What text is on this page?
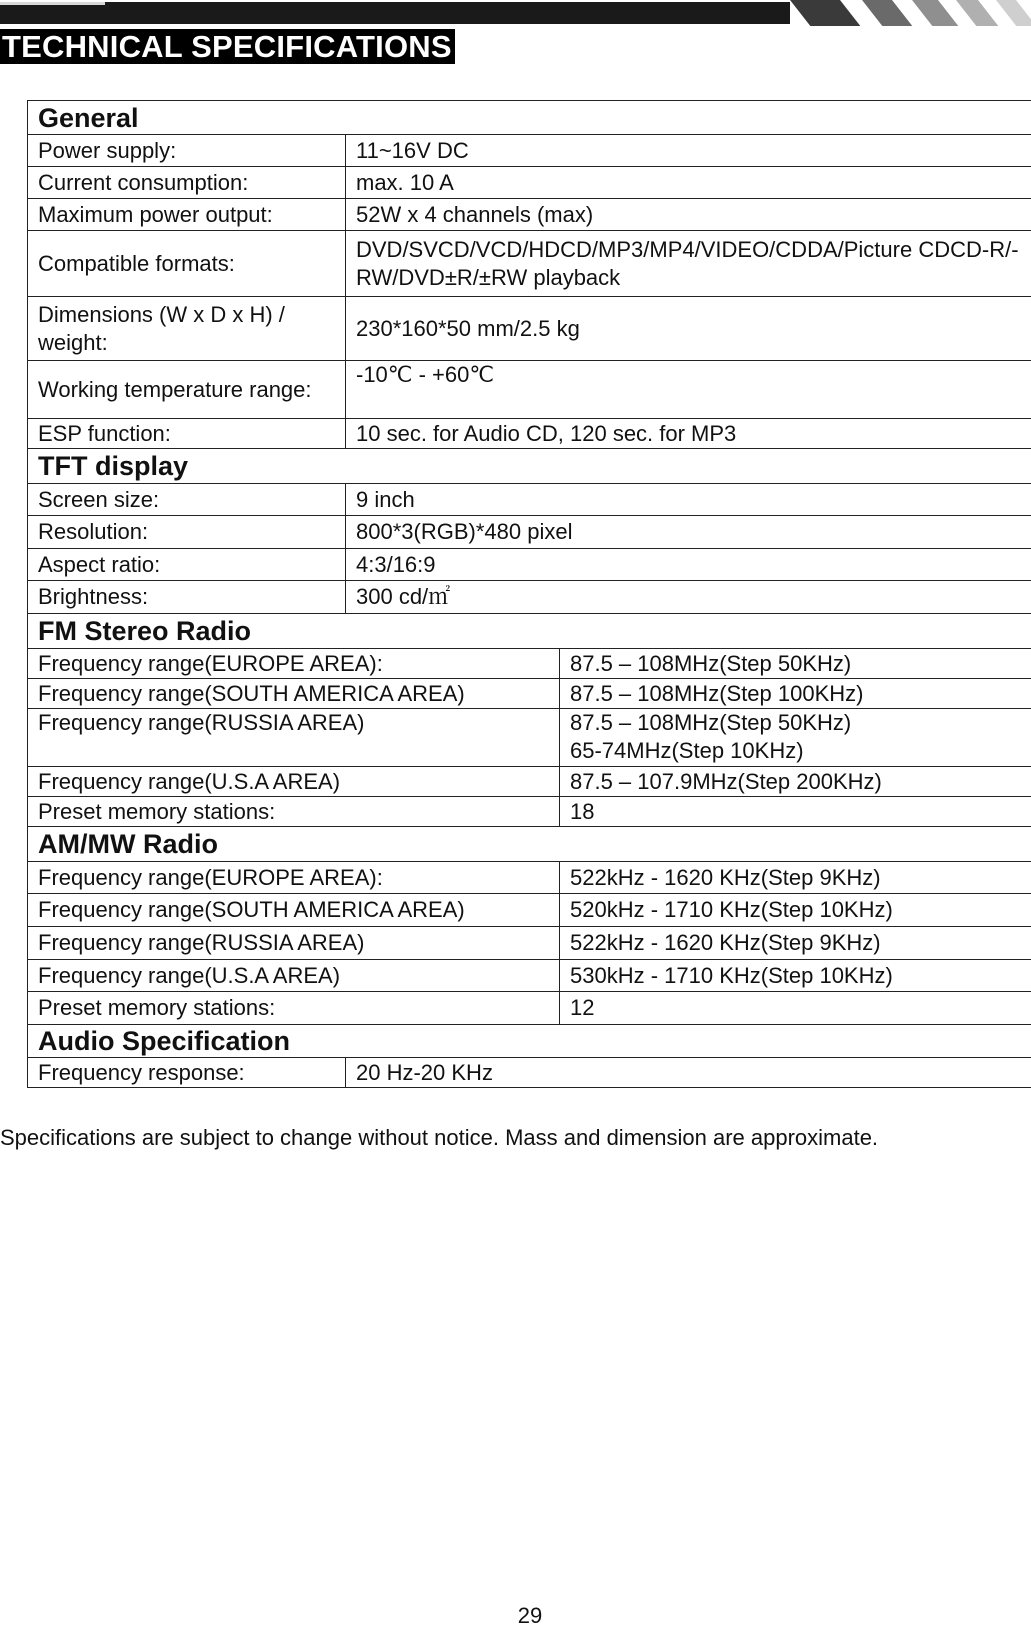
TECHNICAL SPECIFICATIONS
General		
Power supply:	11~16V DC	
Current consumption:	max. 10 A	
Maximum power output:	52W x 4 channels (max)	
Compatible formats:	DVD/SVCD/VCD/HDCD/MP3/MP4/VIDEO/CDDA/Picture CDCD-R/-RW/DVD±R/±RW playback	
Dimensions (W x D x H) / weight:	230*160*50 mm/2.5 kg	
Working temperature range:	-10℃ - +60℃	
ESP function:	10 sec. for Audio CD, 120 sec. for MP3	
TFT display		
Screen size:	9 inch	
Resolution:	800*3(RGB)*480 pixel	
Aspect ratio:	4:3/16:9	
Brightness:	300 cd/㎡	
FM Stereo Radio		
Frequency range(EUROPE AREA):		87.5 – 108MHz(Step 50KHz)
Frequency range(SOUTH AMERICA AREA)		87.5 – 108MHz(Step 100KHz)
Frequency range(RUSSIA AREA)		87.5 – 108MHz(Step 50KHz)
65-74MHz(Step 10KHz)

Frequency range(U.S.A AREA)		87.5 – 107.9MHz(Step 200KHz)
Preset memory stations:		18
AM/MW Radio		
Frequency range(EUROPE AREA):		522kHz - 1620 KHz(Step 9KHz)
Frequency range(SOUTH AMERICA AREA)		520kHz - 1710 KHz(Step 10KHz)
Frequency range(RUSSIA AREA)		522kHz - 1620 KHz(Step 9KHz)
Frequency range(U.S.A AREA)		530kHz - 1710 KHz(Step 10KHz)
Preset memory stations:		12
Audio Specification		
Frequency response:	20 Hz-20 KHz	
Specifications are subject to change without notice. Mass and dimension are approximate.
29
